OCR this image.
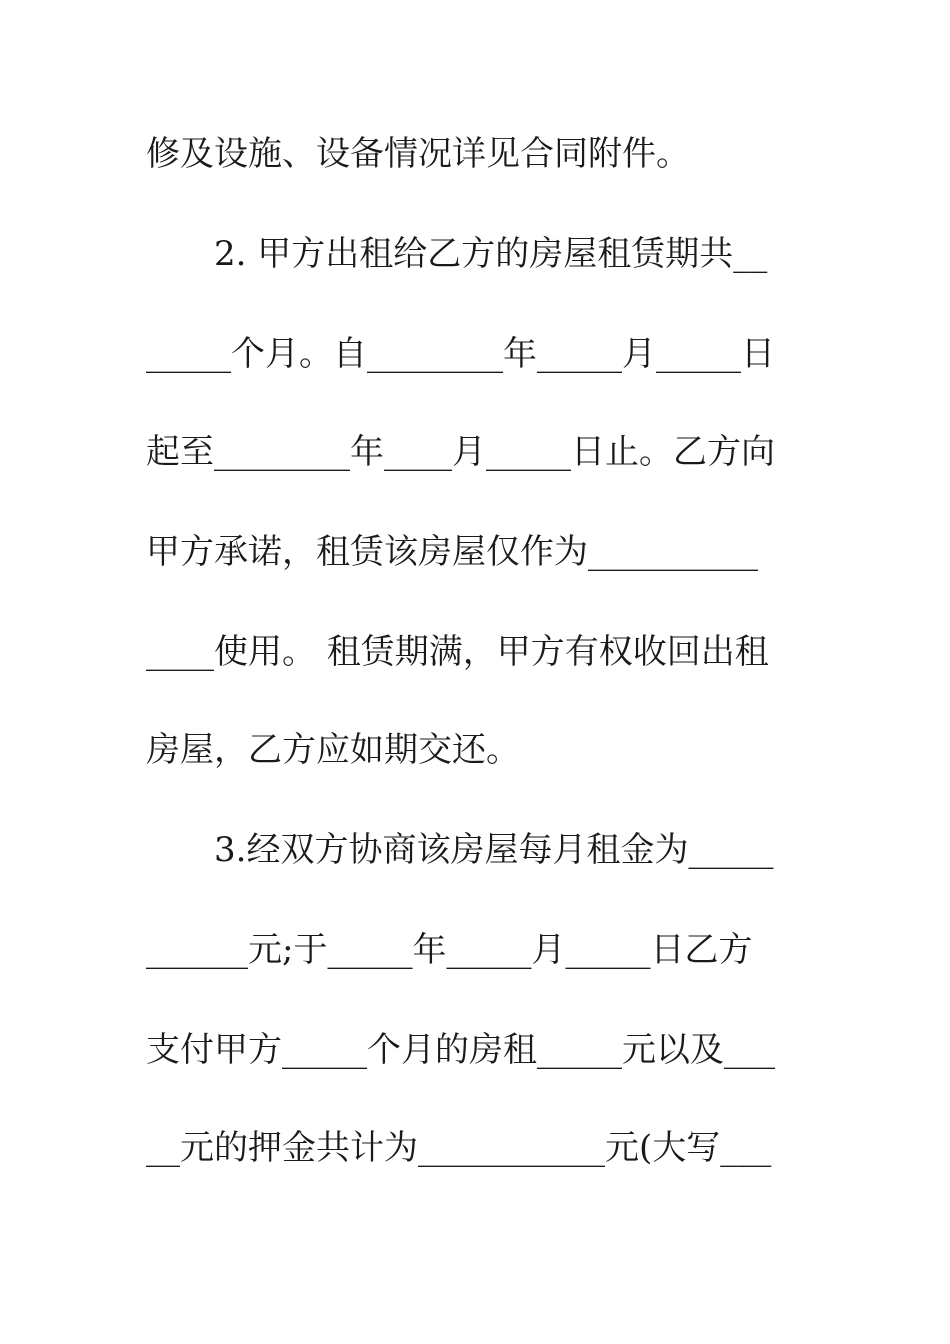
修及设施、设备情况详见合同附件。
2. 甲方出租给乙方的房屋租赁期共__
_____个月。自________年_____月_____日
起至________年____月_____日止。乙方向
甲方承诺，租赁该房屋仅作为__________
____使用。 租赁期满，甲方有权收回出租
房屋，乙方应如期交还。
3.经双方协商该房屋每月租金为_____
______元;于_____年_____月_____日乙方
支付甲方_____个月的房租_____元以及___
__元的押金共计为___________元(大写___
